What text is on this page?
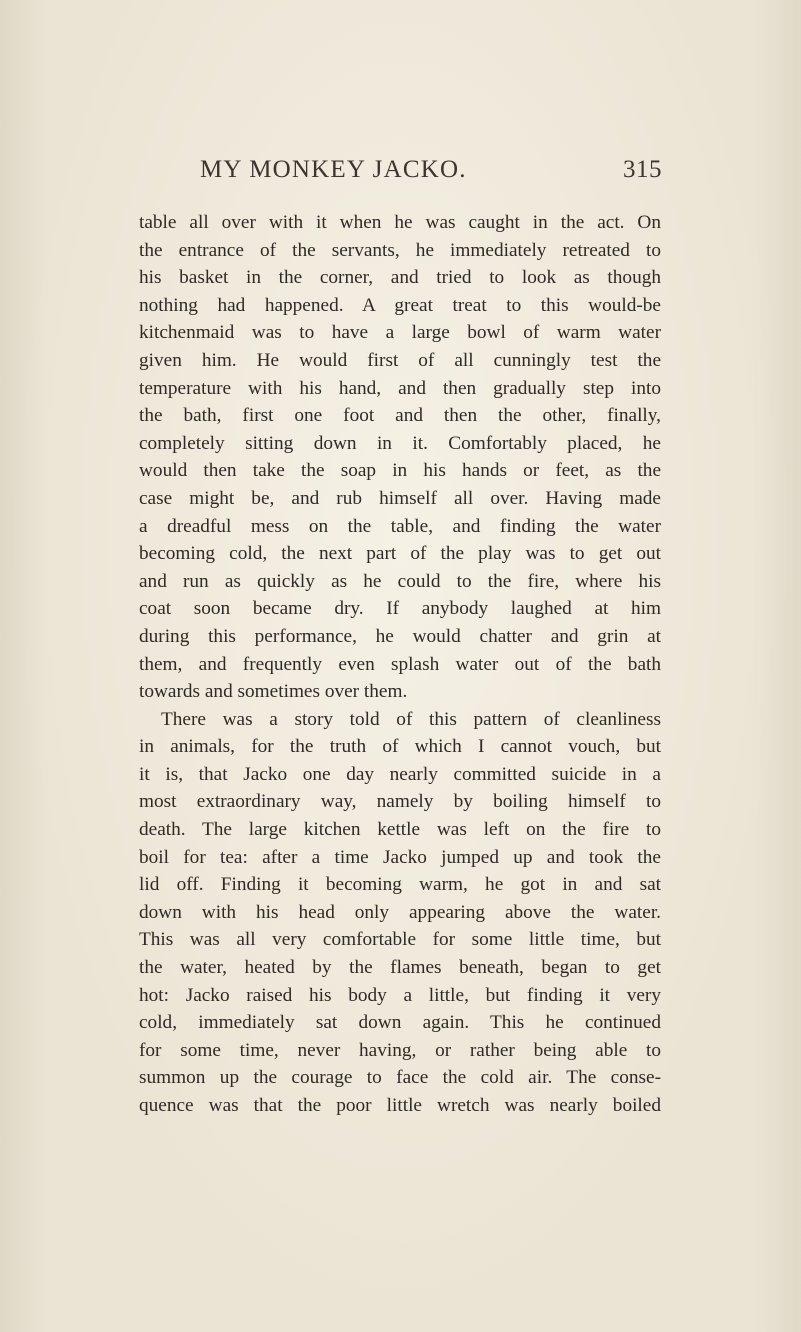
MY MONKEY JACKO.	315
table all over with it when he was caught in the act. On
the entrance of the servants, he immediately retreated to
his basket in the corner, and tried to look as though
nothing had happened. A great treat to this would-be
kitchenmaid was to have a large bowl of warm water
given him. He would first of all cunningly test the
temperature with his hand, and then gradually step into
the bath, first one foot and then the other, finally,
completely sitting down in it. Comfortably placed, he
would then take the soap in his hands or feet, as the
case might be, and rub himself all over. Having made
a dreadful mess on the table, and finding the water
becoming cold, the next part of the play was to get out
and run as quickly as he could to the fire, where his
coat soon became dry. If anybody laughed at him
during this performance, he would chatter and grin at
them, and frequently even splash water out of the bath
towards and sometimes over them.
There was a story told of this pattern of cleanliness
in animals, for the truth of which I cannot vouch, but
it is, that Jacko one day nearly committed suicide in a
most extraordinary way, namely by boiling himself to
death. The large kitchen kettle was left on the fire to
boil for tea: after a time Jacko jumped up and took the
lid off. Finding it becoming warm, he got in and sat
down with his head only appearing above the water.
This was all very comfortable for some little time, but
the water, heated by the flames beneath, began to get
hot: Jacko raised his body a little, but finding it very
cold, immediately sat down again. This he continued
for some time, never having, or rather being able to
summon up the courage to face the cold air. The conse-
quence was that the poor little wretch was nearly boiled
